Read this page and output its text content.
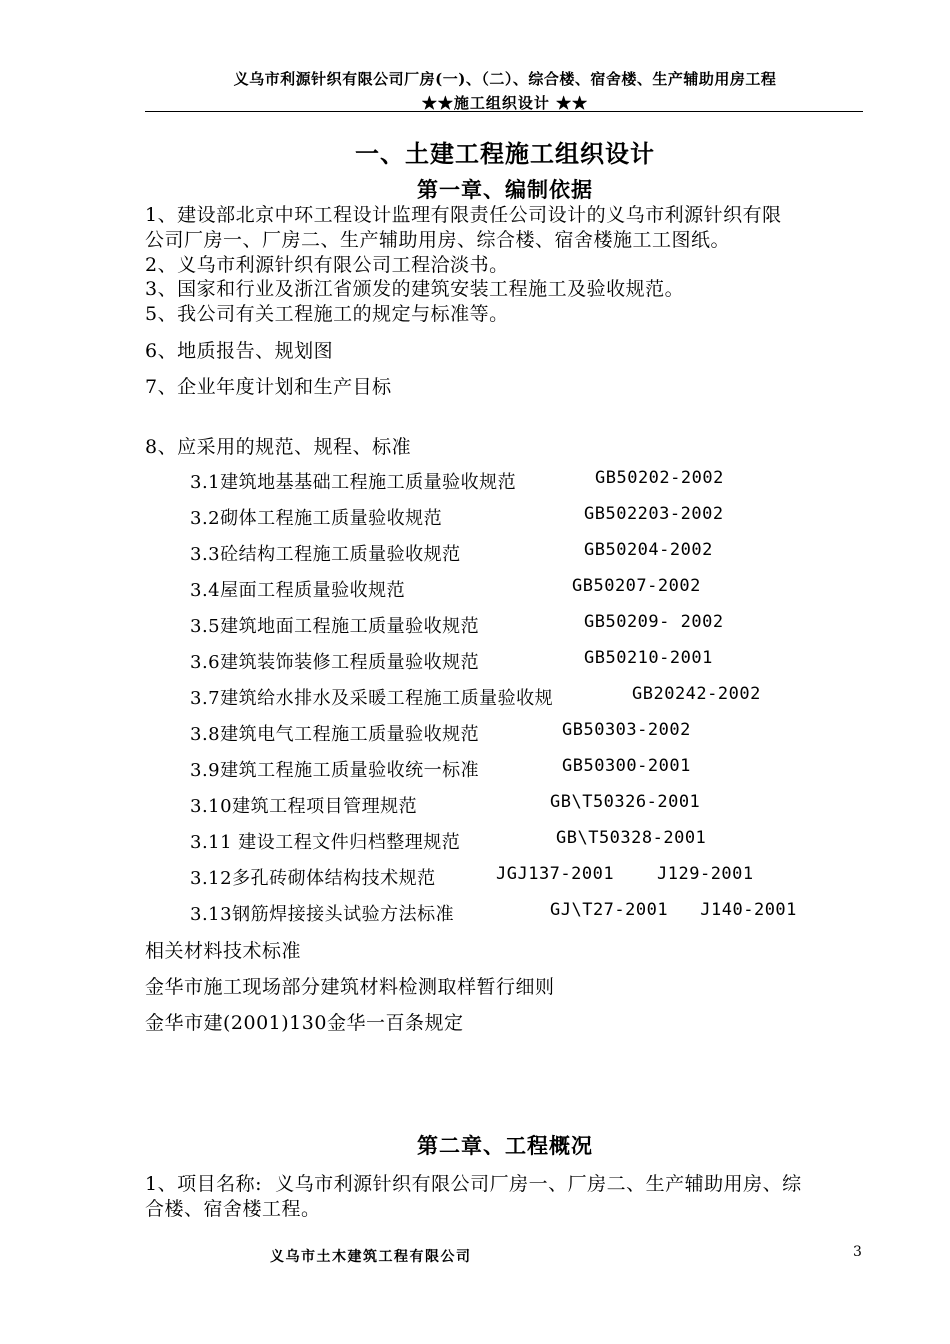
义乌市利源针织有限公司厂房(一)、（二）、综合楼、宿舍楼、生产辅助用房工程
★★施工组织设计 ★★
一、土建工程施工组织设计
第一章、编制依据
1、建设部北京中环工程设计监理有限责任公司设计的义乌市利源针织有限
公司厂房一、厂房二、生产辅助用房、综合楼、宿舍楼施工工图纸。
2、义乌市利源针织有限公司工程洽淡书。
3、国家和行业及浙江省颁发的建筑安装工程施工及验收规范。
5、我公司有关工程施工的规定与标准等。
6、地质报告、规划图
7、企业年度计划和生产目标
8、应采用的规范、规程、标准
3.1建筑地基基础工程施工质量验收规范	GB50202-2002
3.2砌体工程施工质量验收规范	GB502203-2002
3.3砼结构工程施工质量验收规范	GB50204-2002
3.4屋面工程质量验收规范	GB50207-2002
3.5建筑地面工程施工质量验收规范	GB50209- 2002
3.6建筑装饰装修工程质量验收规范	GB50210-2001
3.7建筑给水排水及采暖工程施工质量验收规	GB20242-2002
3.8建筑电气工程施工质量验收规范	GB50303-2002
3.9建筑工程施工质量验收统一标准	GB50300-2001
3.10建筑工程项目管理规范	GB\T50326-2001
3.11 建设工程文件归档整理规范	GB\T50328-2001
3.12多孔砖砌体结构技术规范	JGJ137-2001    J129-2001
3.13钢筋焊接接头试验方法标准	GJ\T27-2001   J140-2001
相关材料技术标准
金华市施工现场部分建筑材料检测取样暂行细则
金华市建(2001)130金华一百条规定
第二章、工程概况
1、项目名称:  义乌市利源针织有限公司厂房一、厂房二、生产辅助用房、综
合楼、宿舍楼工程。
义乌市土木建筑工程有限公司	3
